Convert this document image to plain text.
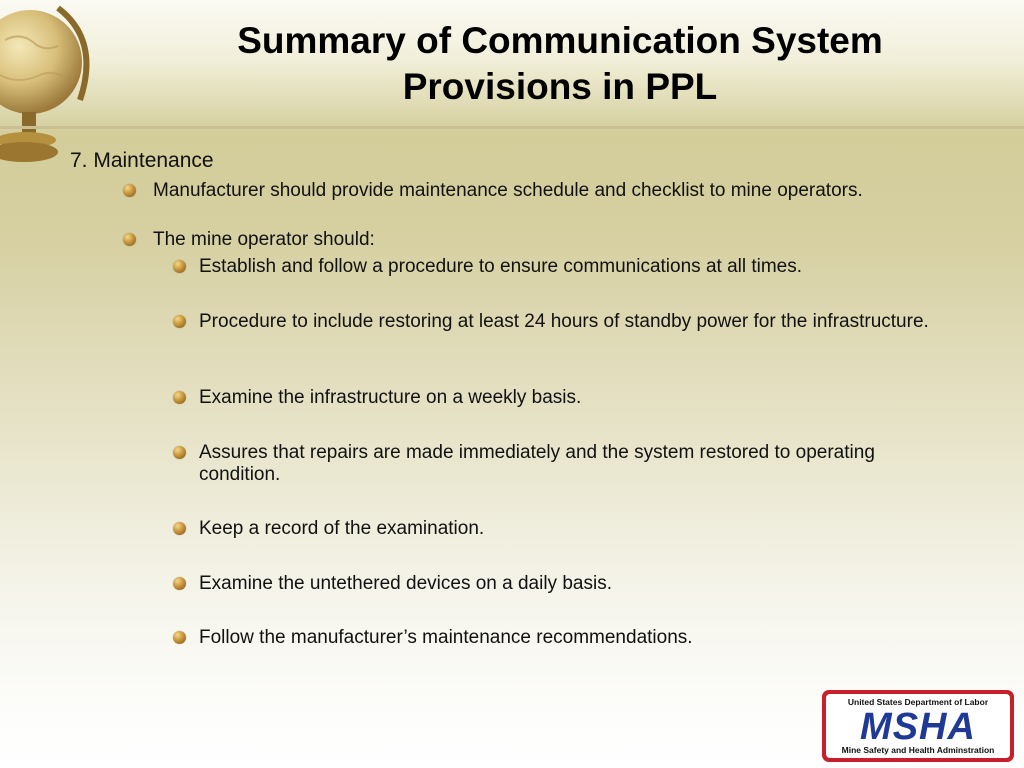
Summary of Communication System Provisions in PPL
7. Maintenance
Manufacturer should provide maintenance schedule and checklist to mine operators.
The mine operator should:
Establish and follow a procedure to ensure communications at all times.
Procedure to include restoring at least 24 hours of standby power for the infrastructure.
Examine the infrastructure on a weekly basis.
Assures that repairs are made immediately and the system restored to operating condition.
Keep a record of the examination.
Examine the untethered devices on a daily basis.
Follow the manufacturer’s maintenance recommendations.
United States Department of Labor
MSHA
Mine Safety and Health Adminstration
